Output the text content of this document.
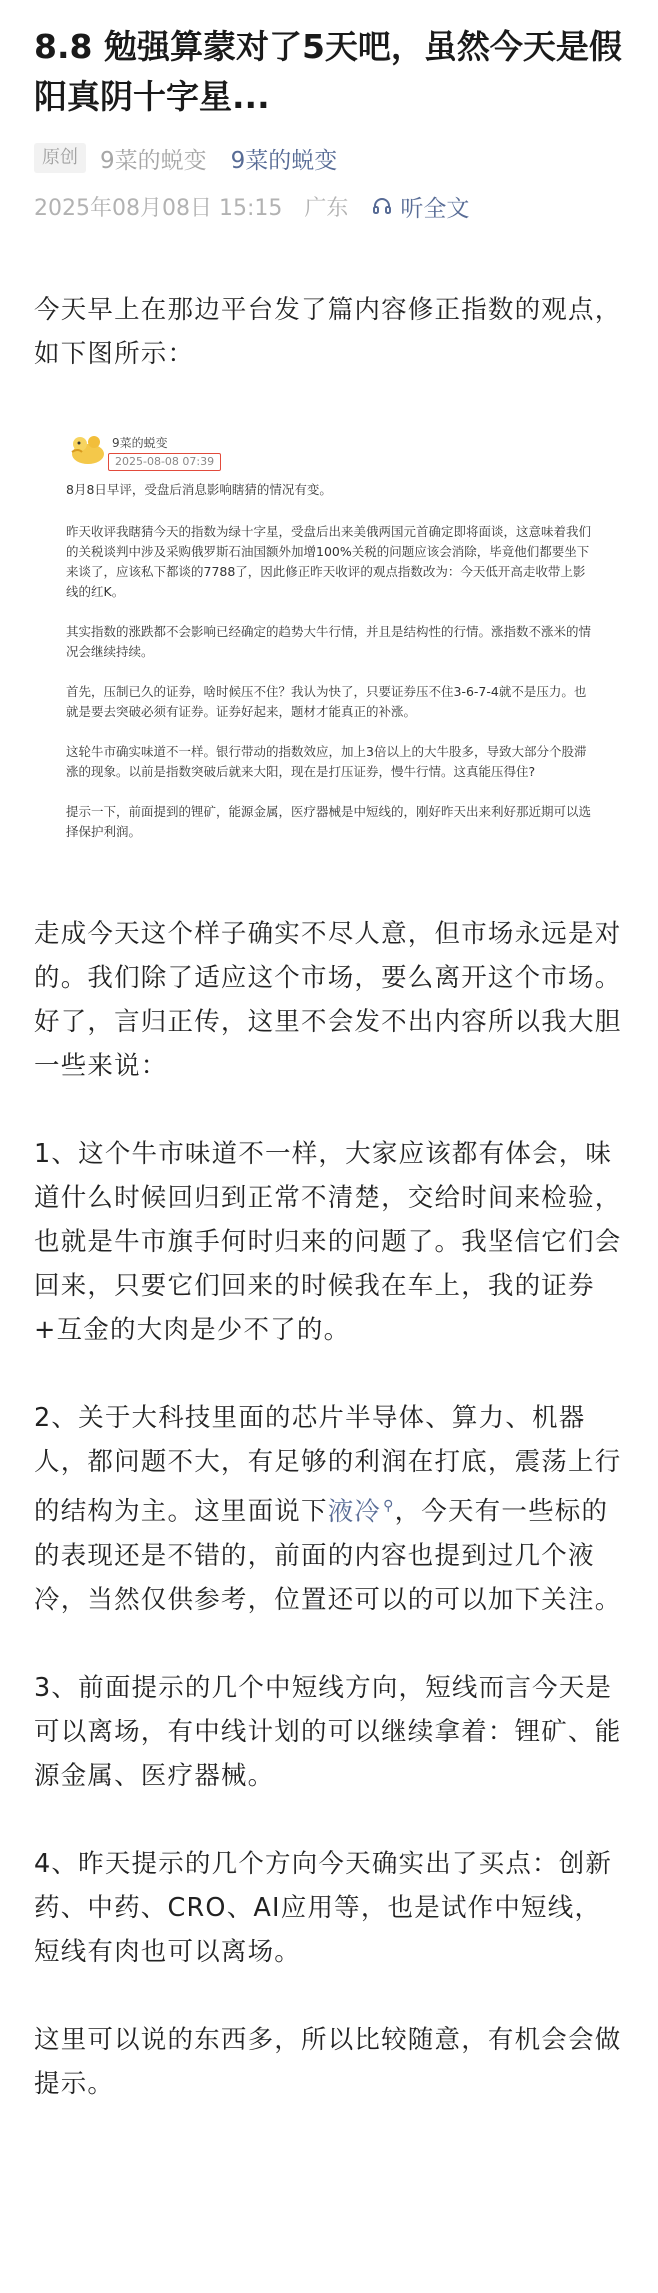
8.8 勉强算蒙对了5天吧，虽然今天是假阳真阴十字星...
原创 9菜的蜕变 9菜的蜕变
2025年08月08日 15:15 广东 听全文

今天早上在那边平台发了篇内容修正指数的观点，如下图所示：

9菜的蜕变
2025-08-08 07:39

8月8日早评，受盘后消息影响瞎猜的情况有变。

昨天收评我瞎猜今天的指数为绿十字星，受盘后出来美俄两国元首确定即将面谈，这意味着我们的关税谈判中涉及采购俄罗斯石油国额外加增100%关税的问题应该会消除，毕竟他们都要坐下来谈了，应该私下都谈的7788了，因此修正昨天收评的观点指数改为：今天低开高走收带上影线的红K。

其实指数的涨跌都不会影响已经确定的趋势大牛行情，并且是结构性的行情。涨指数不涨米的情况会继续持续。

首先，压制已久的证券，啥时候压不住？我认为快了，只要证券压不住3-6-7-4就不是压力。也就是要去突破必须有证券。证券好起来，题材才能真正的补涨。

这轮牛市确实味道不一样。银行带动的指数效应，加上3倍以上的大牛股多，导致大部分个股滞涨的现象。以前是指数突破后就来大阳，现在是打压证券，慢牛行情。这真能压得住?

提示一下，前面提到的锂矿，能源金属，医疗器械是中短线的，刚好昨天出来利好那近期可以选择保护利润。

走成今天这个样子确实不尽人意，但市场永远是对的。我们除了适应这个市场，要么离开这个市场。好了，言归正传，这里不会发不出内容所以我大胆一些来说：

1、这个牛市味道不一样，大家应该都有体会，味道什么时候回归到正常不清楚，交给时间来检验，也就是牛市旗手何时归来的问题了。我坚信它们会回来，只要它们回来的时候我在车上，我的证券+互金的大肉是少不了的。

2、关于大科技里面的芯片半导体、算力、机器人，都问题不大，有足够的利润在打底，震荡上行的结构为主。这里面说下液冷 ⚲，今天有一些标的的表现还是不错的，前面的内容也提到过几个液冷，当然仅供参考，位置还可以的可以加下关注。

3、前面提示的几个中短线方向，短线而言今天是可以离场，有中线计划的可以继续拿着：锂矿、能源金属、医疗器械。

4、昨天提示的几个方向今天确实出了买点：创新药、中药、CRO、AI应用等，也是试作中短线，短线有肉也可以离场。

这里可以说的东西多，所以比较随意，有机会会做提示。
